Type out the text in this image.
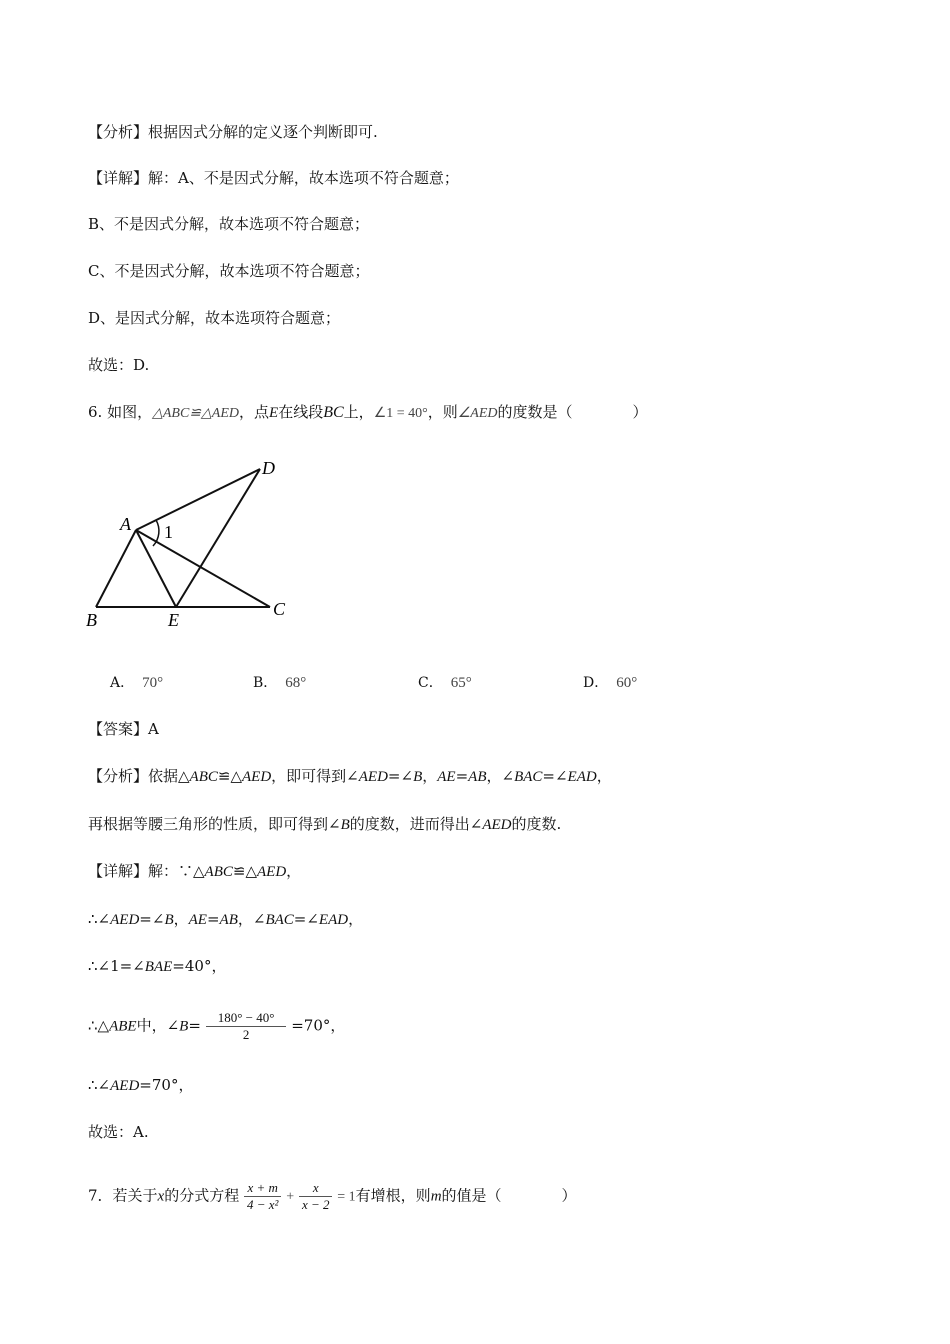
【分析】根据因式分解的定义逐个判断即可.
【详解】解：A、不是因式分解，故本选项不符合题意；
B、不是因式分解，故本选项不符合题意；
C、不是因式分解，故本选项不符合题意；
D、是因式分解，故本选项符合题意；
故选：D.
6. 如图，△ABC≌△AED，点E在线段BC上，∠1 = 40°，则∠AED的度数是（　　　　）
D
A 1
B	E
C
A． 70°	B． 68°	C． 65°	D． 60°
【答案】A
【分析】依据△ABC≌△AED，即可得到∠AED=∠B，AE=AB，∠BAC=∠EAD，
再根据等腰三角形的性质，即可得到∠B的度数，进而得出∠AED的度数.
【详解】解：∵△ABC≌△AED，
∴∠AED=∠B，AE=AB，∠BAC=∠EAD，
∴∠1=∠BAE=40°，
∴△ABE中，∠B= $\frac{180^\circ - 40^\circ}{2} =70^\circ$，
∴∠AED=70°，
故选：A.
7．若关于x的分式方程 $\frac{x + m}{\text{4 − x²}} + \frac{x}{x - 2} = 1$有增根，则m的值是（　　　　）
